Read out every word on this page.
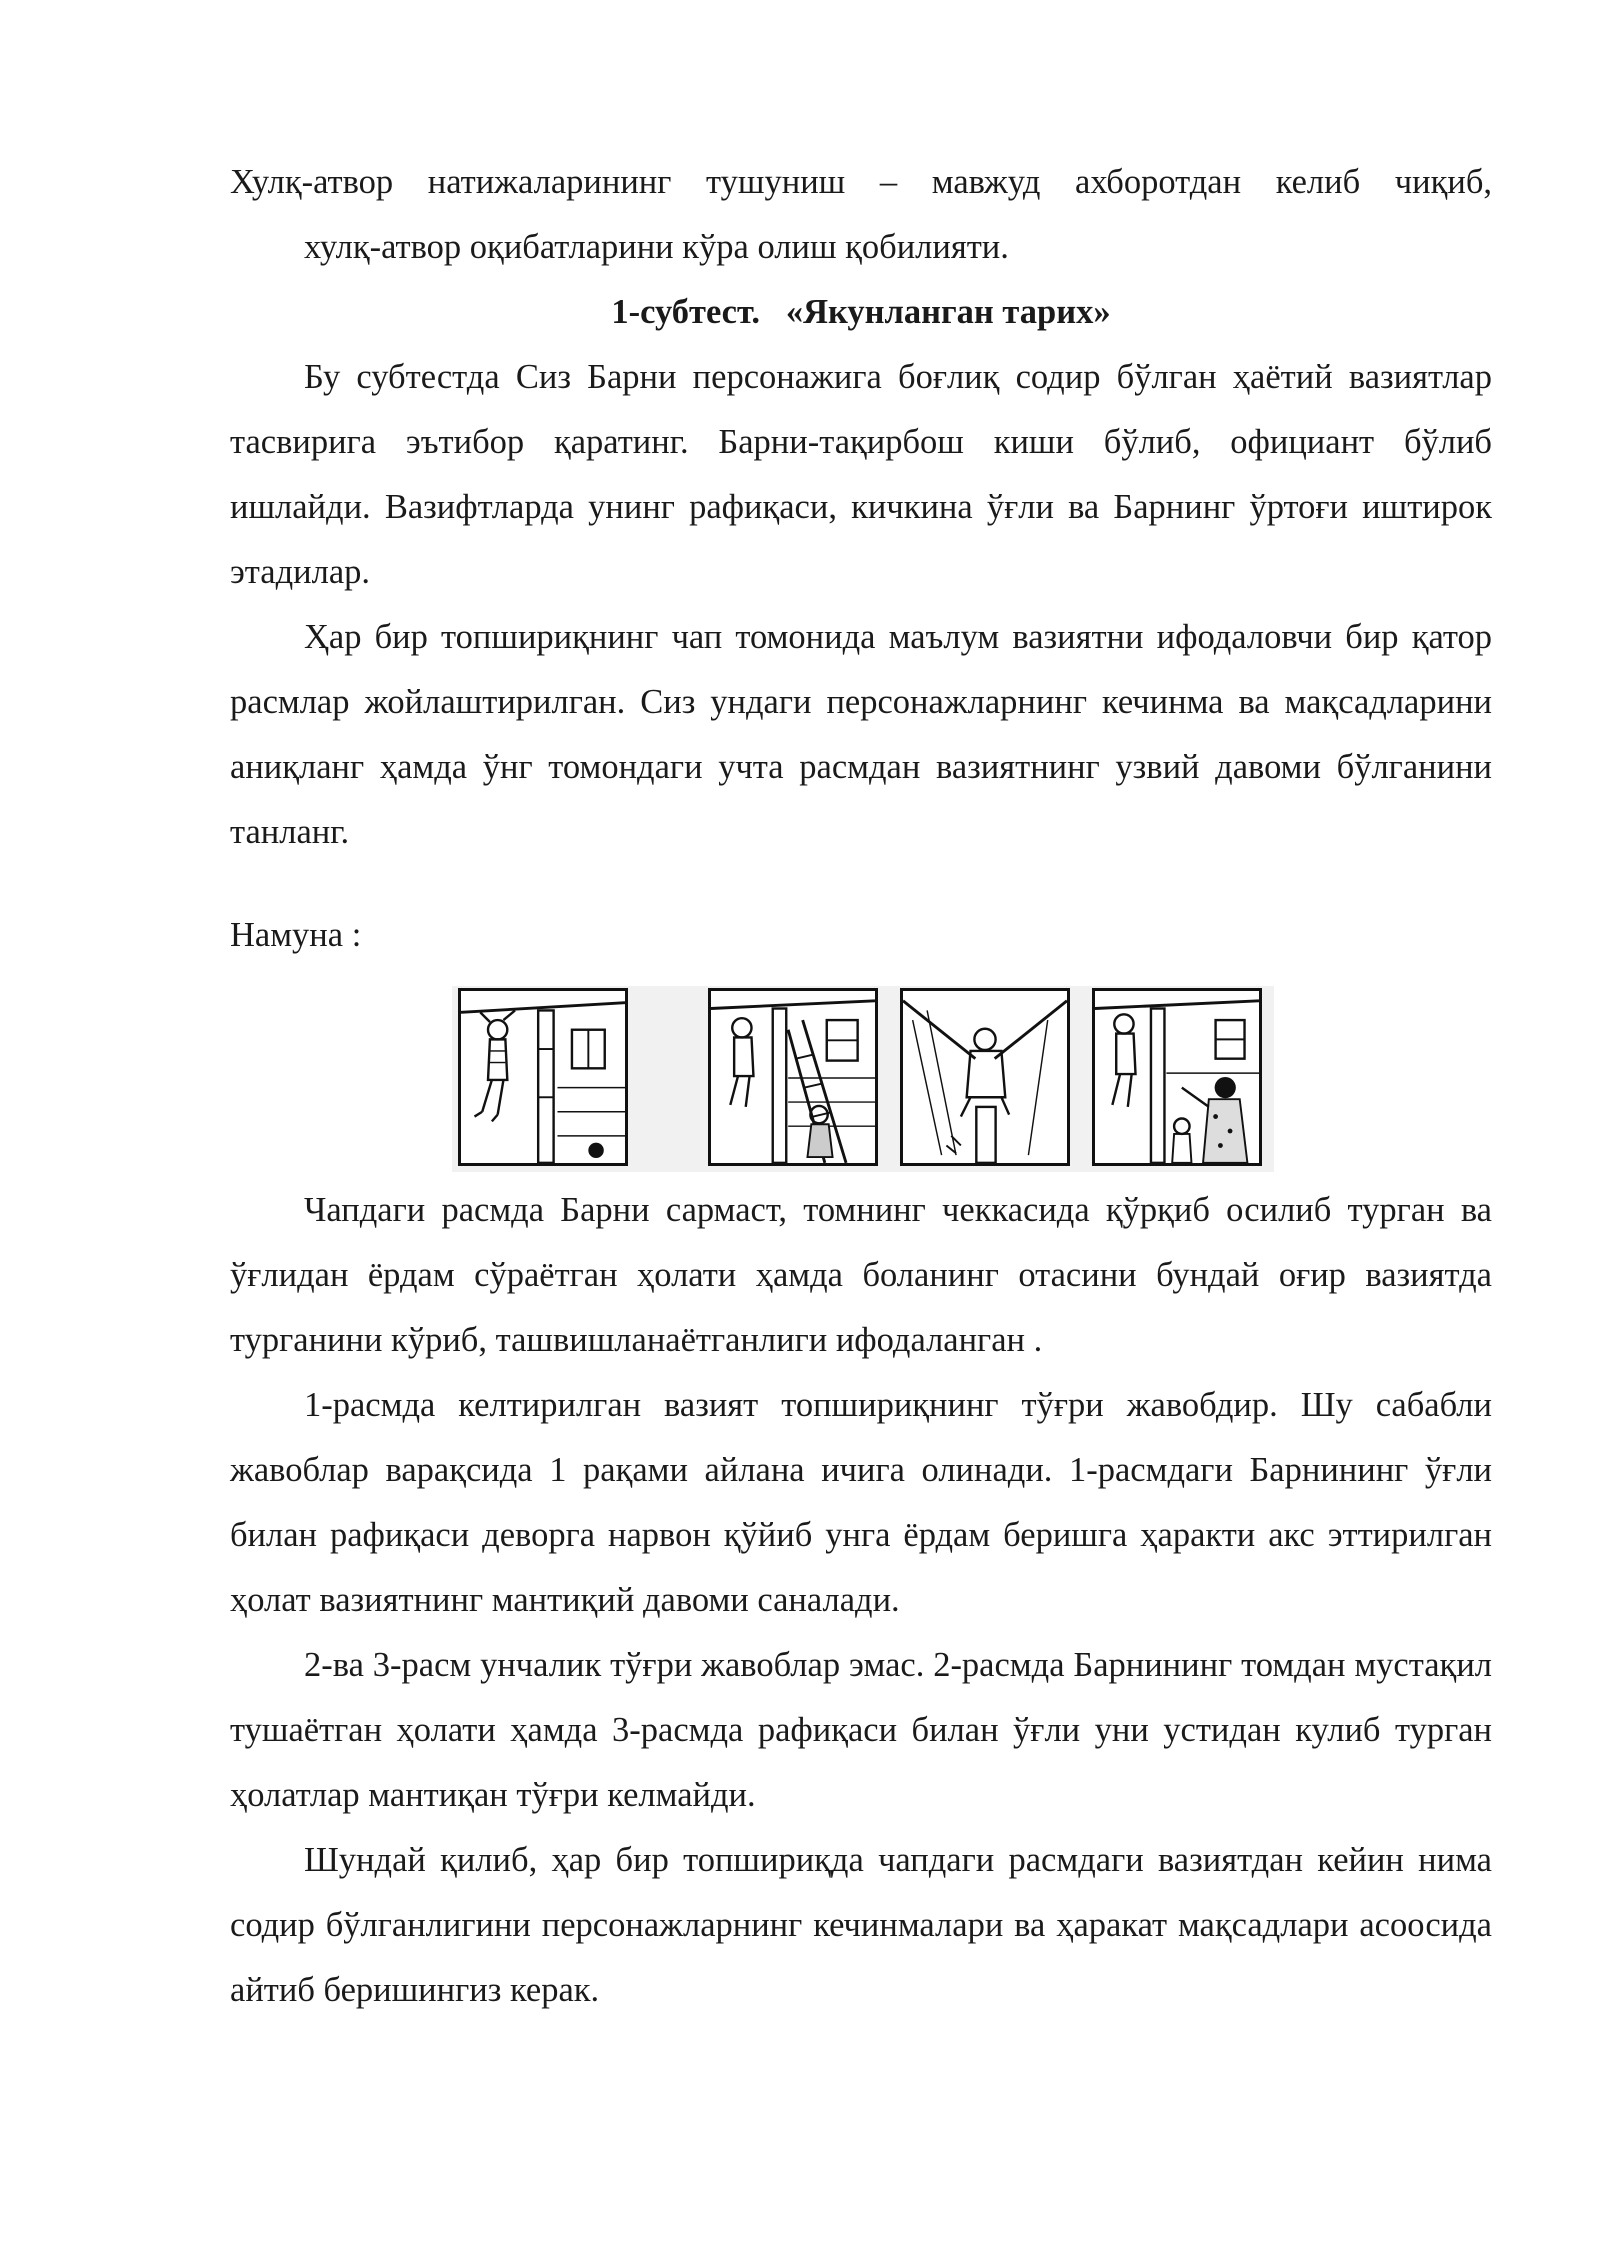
Хулқ-атвор натижаларининг тушуниш – мавжуд ахборотдан келиб чиқиб,

хулқ-атвор оқибатларини кўра олиш қобилияти.

1-субтест.   «Якунланган тарих»

Бу субтестда Сиз Барни персонажига боғлиқ содир бўлган ҳаётий вазиятлар тасвирига эътибор қаратинг. Барни-тақирбош киши бўлиб, официант бўлиб ишлайди. Вазифтларда унинг рафиқаси, кичкина ўғли ва Барнинг ўртоғи иштирок этадилар.

Ҳар бир топшириқнинг чап томонида маълум вазиятни ифодаловчи бир қатор расмлар жойлаштирилган. Сиз ундаги персонажларнинг кечинма ва мақсадларини аниқланг ҳамда ўнг томондаги учта расмдан вазиятнинг узвий давоми бўлганини танланг.

Намуна :

Чапдаги расмда Барни сармаст, томнинг чеккасида қўрқиб осилиб турган ва ўғлидан ёрдам сўраётган ҳолати ҳамда боланинг отасини бундай оғир вазиятда турганини кўриб, ташвишланаётганлиги ифодаланган .

1-расмда келтирилган вазият топшириқнинг тўғри жавобдир. Шу сабабли жавоблар варақсида 1 рақами айлана ичига олинади. 1-расмдаги Барнининг ўғли билан рафиқаси деворга нарвон қўйиб унга ёрдам беришга ҳаракти акс эттирилган ҳолат вазиятнинг мантиқий давоми саналади.

2-ва 3-расм унчалик тўғри жавоблар эмас. 2-расмда Барнининг томдан мустақил тушаётган ҳолати ҳамда 3-расмда рафиқаси билан ўғли уни устидан кулиб турган ҳолатлар мантиқан тўғри келмайди.

Шундай қилиб, ҳар бир топшириқда чапдаги расмдаги вазиятдан кейин нима содир бўлганлигини персонажларнинг кечинмалари ва ҳаракат мақсадлари асоосида айтиб беришингиз керак.
